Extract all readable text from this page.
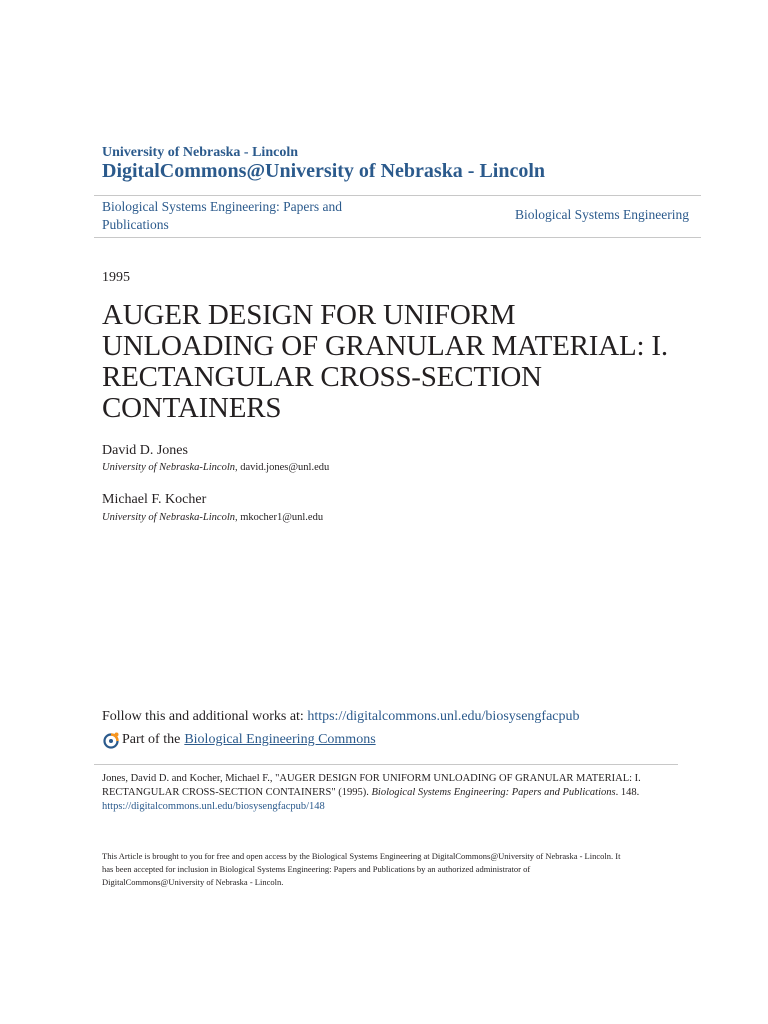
University of Nebraska - Lincoln
DigitalCommons@University of Nebraska - Lincoln
Biological Systems Engineering: Papers and
Publications
Biological Systems Engineering
1995
AUGER DESIGN FOR UNIFORM
UNLOADING OF GRANULAR MATERIAL: I.
RECTANGULAR CROSS-SECTION
CONTAINERS
David D. Jones
University of Nebraska-Lincoln, david.jones@unl.edu
Michael F. Kocher
University of Nebraska-Lincoln, mkocher1@unl.edu
Follow this and additional works at: https://digitalcommons.unl.edu/biosysengfacpub
Part of the Biological Engineering Commons
Jones, David D. and Kocher, Michael F., "AUGER DESIGN FOR UNIFORM UNLOADING OF GRANULAR MATERIAL: I.
RECTANGULAR CROSS-SECTION CONTAINERS" (1995). Biological Systems Engineering: Papers and Publications. 148.
https://digitalcommons.unl.edu/biosysengfacpub/148
This Article is brought to you for free and open access by the Biological Systems Engineering at DigitalCommons@University of Nebraska - Lincoln. It
has been accepted for inclusion in Biological Systems Engineering: Papers and Publications by an authorized administrator of
DigitalCommons@University of Nebraska - Lincoln.
